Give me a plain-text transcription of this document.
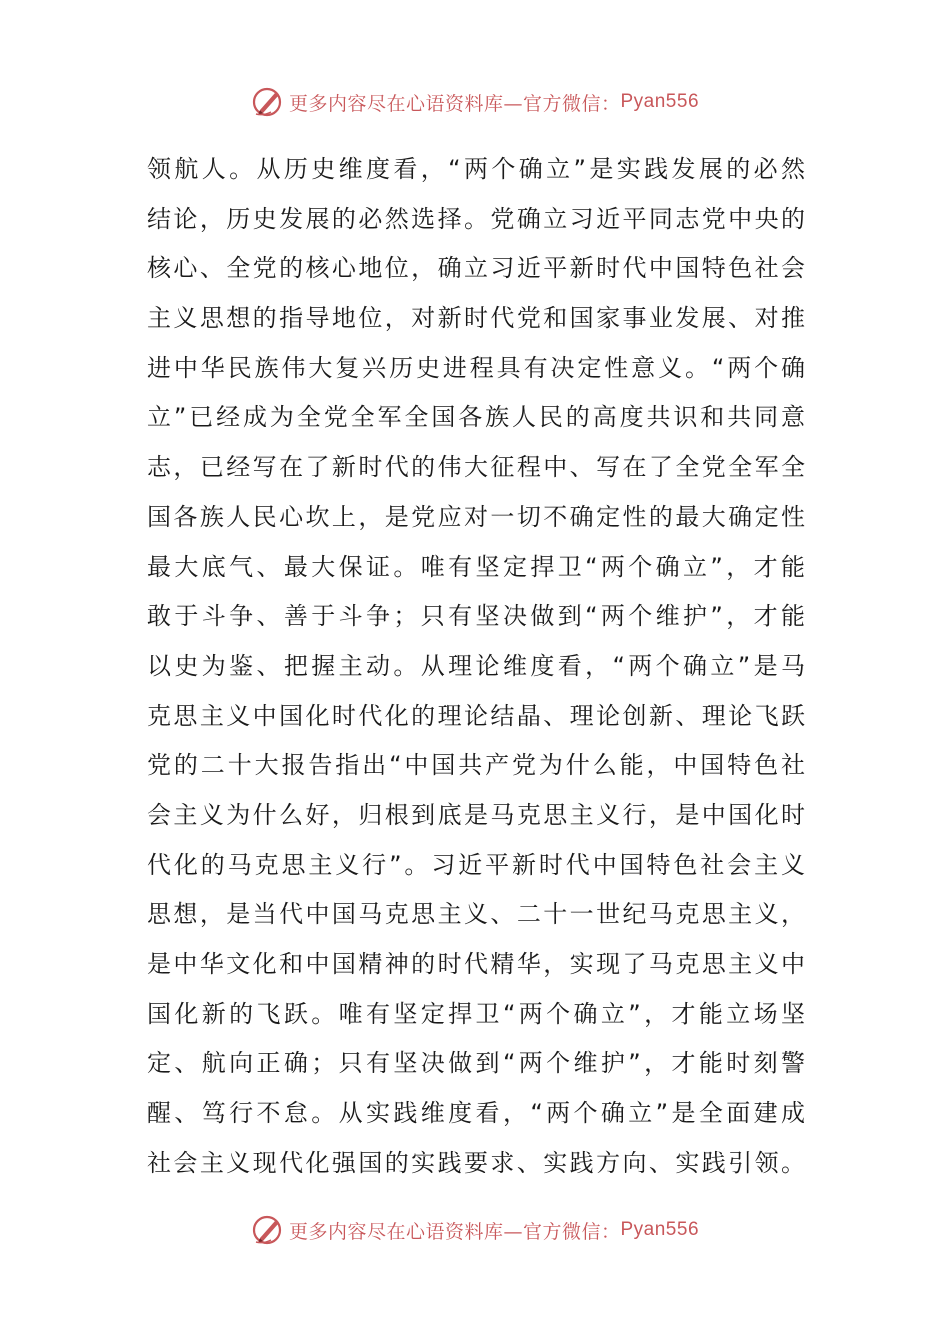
更多内容尽在心语资料库—官方微信： Pyan556
领航人。从历史维度看，“两个确立”是实践发展的必然
结论，历史发展的必然选择。党确立习近平同志党中央的
核心、全党的核心地位，确立习近平新时代中国特色社会
主义思想的指导地位，对新时代党和国家事业发展、对推
进中华民族伟大复兴历史进程具有决定性意义。“两个确
立”已经成为全党全军全国各族人民的高度共识和共同意
志，已经写在了新时代的伟大征程中、写在了全党全军全
国各族人民心坎上，是党应对一切不确定性的最大确定性
最大底气、最大保证。唯有坚定捍卫“两个确立”，才能
敢于斗争、善于斗争；只有坚决做到“两个维护”，才能
以史为鉴、把握主动。从理论维度看，“两个确立”是马
克思主义中国化时代化的理论结晶、理论创新、理论飞跃
党的二十大报告指出“中国共产党为什么能，中国特色社
会主义为什么好，归根到底是马克思主义行，是中国化时
代化的马克思主义行”。习近平新时代中国特色社会主义
思想，是当代中国马克思主义、二十一世纪马克思主义，
是中华文化和中国精神的时代精华，实现了马克思主义中
国化新的飞跃。唯有坚定捍卫“两个确立”，才能立场坚
定、航向正确；只有坚决做到“两个维护”，才能时刻警
醒、笃行不怠。从实践维度看，“两个确立”是全面建成
社会主义现代化强国的实践要求、实践方向、实践引领。
更多内容尽在心语资料库—官方微信： Pyan556
